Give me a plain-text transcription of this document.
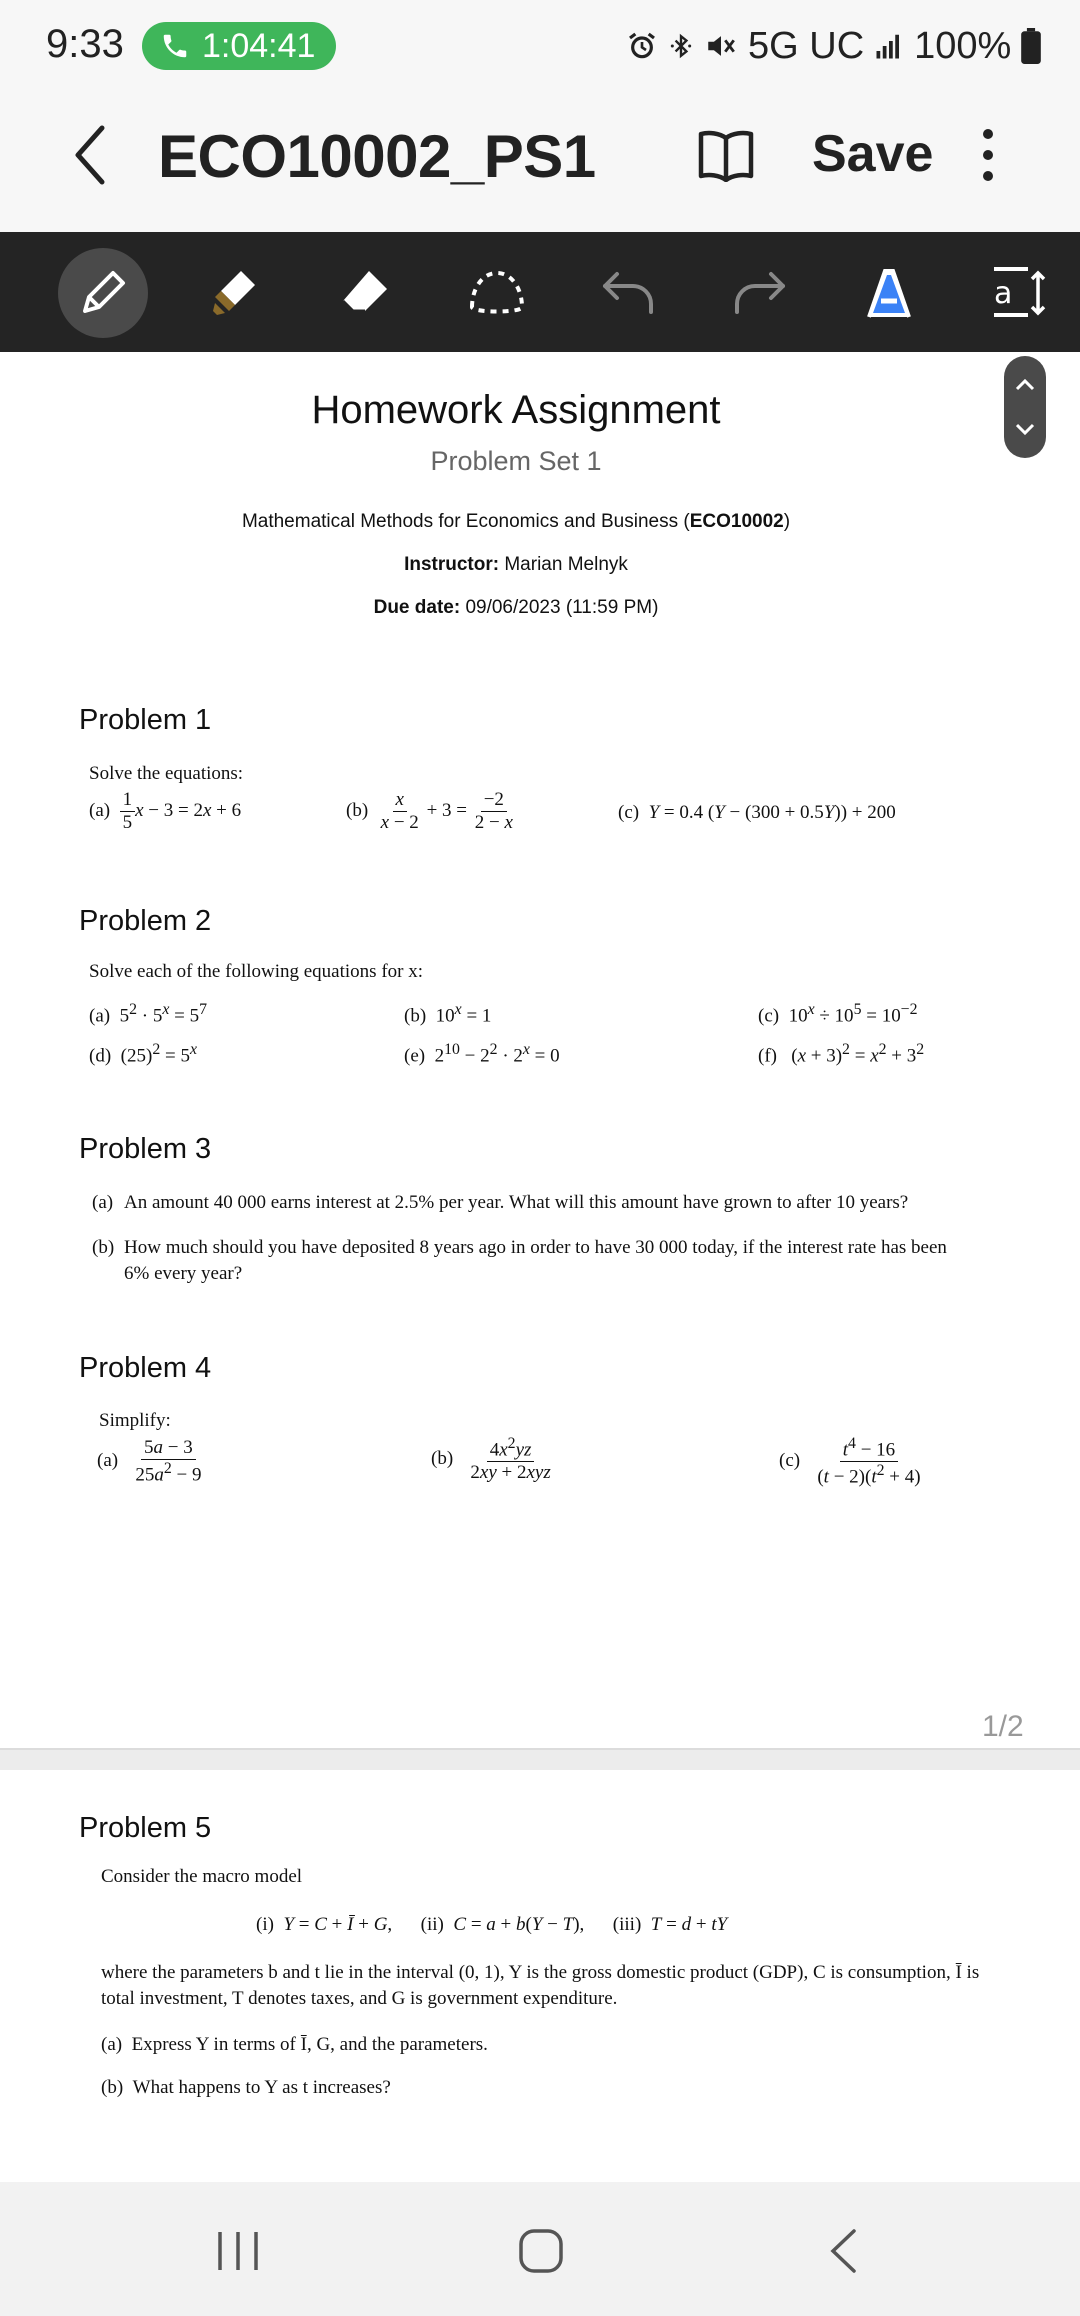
9:33 1:04:41	5G UC 100%
ECO10002_PS1	Save
a
Homework Assignment
Problem Set 1
Mathematical Methods for Economics and Business (ECO10002)
Instructor: Marian Melnyk
Due date: 09/06/2023 (11:59 PM)
Problem 1
Solve the equations:
$(a) \frac{1}{5}$ x − 3 = 2x + 6	$(b) \frac{x}{x - 2} + 3 = \frac{-2}{2 - x}$	(c)  Y = 0.4 (Y − (300 + 0.5Y)) + 200
Problem 2
Solve each of the following equations for x:
(a)  $5^2 \cdot 5^x = 5^7$	(b)  $10^x = 1$	(c)  $10^x \div 10^5 = 10^{-2}$
(d)  $(25)^2 = 5^x$	(e)  $2^{10} - 2^2 \cdot 2^x = 0$	(f)   $(x + 3)^2 = x^2 + 3^2$
Problem 3
(a) An amount 40 000 earns interest at 2.5% per year. What will this amount have grown to after 10 years?
(b) How much should you have deposited 8 years ago in order to have 30 000 today, if the interest rate has been 6% every year?
Problem 4
Simplify:
$(a) \frac{5a - 3}{25a^2 - 9}$	$(b) \frac{4x^2yz}{\text{2xy + 2xyz}}$	$(c) \frac{t^4 - 16}{(t - 2)(t^2 + 4)}$
1/2
Problem 5
Consider the macro model
(i)  Y = C + Ī + G,      (ii)  C = a + b(Y − T),      (iii)  T = d + tY
where the parameters b and t lie in the interval (0, 1), Y is the gross domestic product (GDP), C is consumption, Ī is total investment, T denotes taxes, and G is government expenditure.
(a)  Express Y in terms of Ī, G, and the parameters.
(b)  What happens to Y as t increases?
